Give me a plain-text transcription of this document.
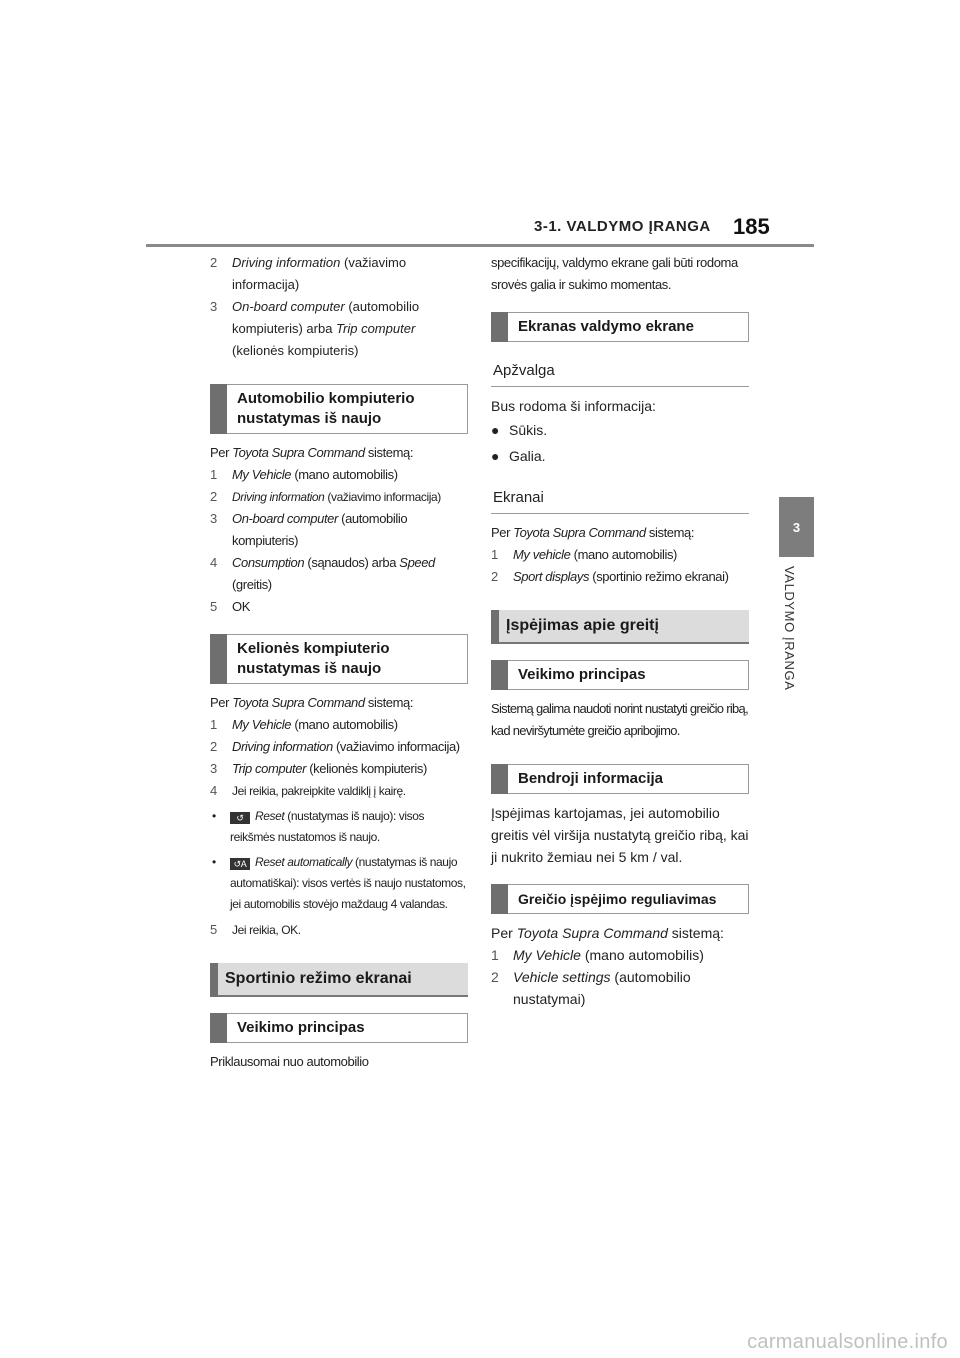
3-1. VALDYMO ĮRANGA 185
3
VALDYMO ĮRANGA
2	Driving information (važiavimo informacija)
3	On-board computer (automobilio kompiuteris) arba Trip computer (kelionės kompiuteris)
Automobilio kompiuterio nustatymas iš naujo
Per Toyota Supra Command sistemą:
1	My Vehicle (mano automobilis)
2	Driving information (važiavimo informacija)
3	On-board computer (automobilio kompiuteris)
4	Consumption (sąnaudos) arba Speed (greitis)
5	OK
Kelionės kompiuterio nustatymas iš naujo
Per Toyota Supra Command sistemą:
1	My Vehicle (mano automobilis)
2	Driving information (važiavimo informacija)
3	Trip computer (kelionės kompiuteris)
4	Jei reikia, pakreipkite valdiklį į kairę.
•	↺ Reset (nustatymas iš naujo): visos reikšmės nustatomos iš naujo.
•	↺A Reset automatically (nustatymas iš naujo automatiškai): visos vertės iš naujo nustatomos, jei automobilis stovėjo maždaug 4 valandas.
5	Jei reikia, OK.
Sportinio režimo ekranai
Veikimo principas
Priklausomai nuo automobilio
specifikacijų, valdymo ekrane gali būti rodoma srovės galia ir sukimo momentas.
Ekranas valdymo ekrane
Apžvalga
Bus rodoma ši informacija:
● Sūkis.
● Galia.
Ekranai
Per Toyota Supra Command sistemą:
1	My vehicle (mano automobilis)
2	Sport displays (sportinio režimo ekranai)
Įspėjimas apie greitį
Veikimo principas
Sistemą galima naudoti norint nustatyti greičio ribą, kad neviršytumėte greičio apribojimo.
Bendroji informacija
Įspėjimas kartojamas, jei automobilio greitis vėl viršija nustatytą greičio ribą, kai ji nukrito žemiau nei 5 km / val.
Greičio įspėjimo reguliavimas
Per Toyota Supra Command sistemą:
1	My Vehicle (mano automobilis)
2	Vehicle settings (automobilio nustatymai)
carmanualsonline.info
